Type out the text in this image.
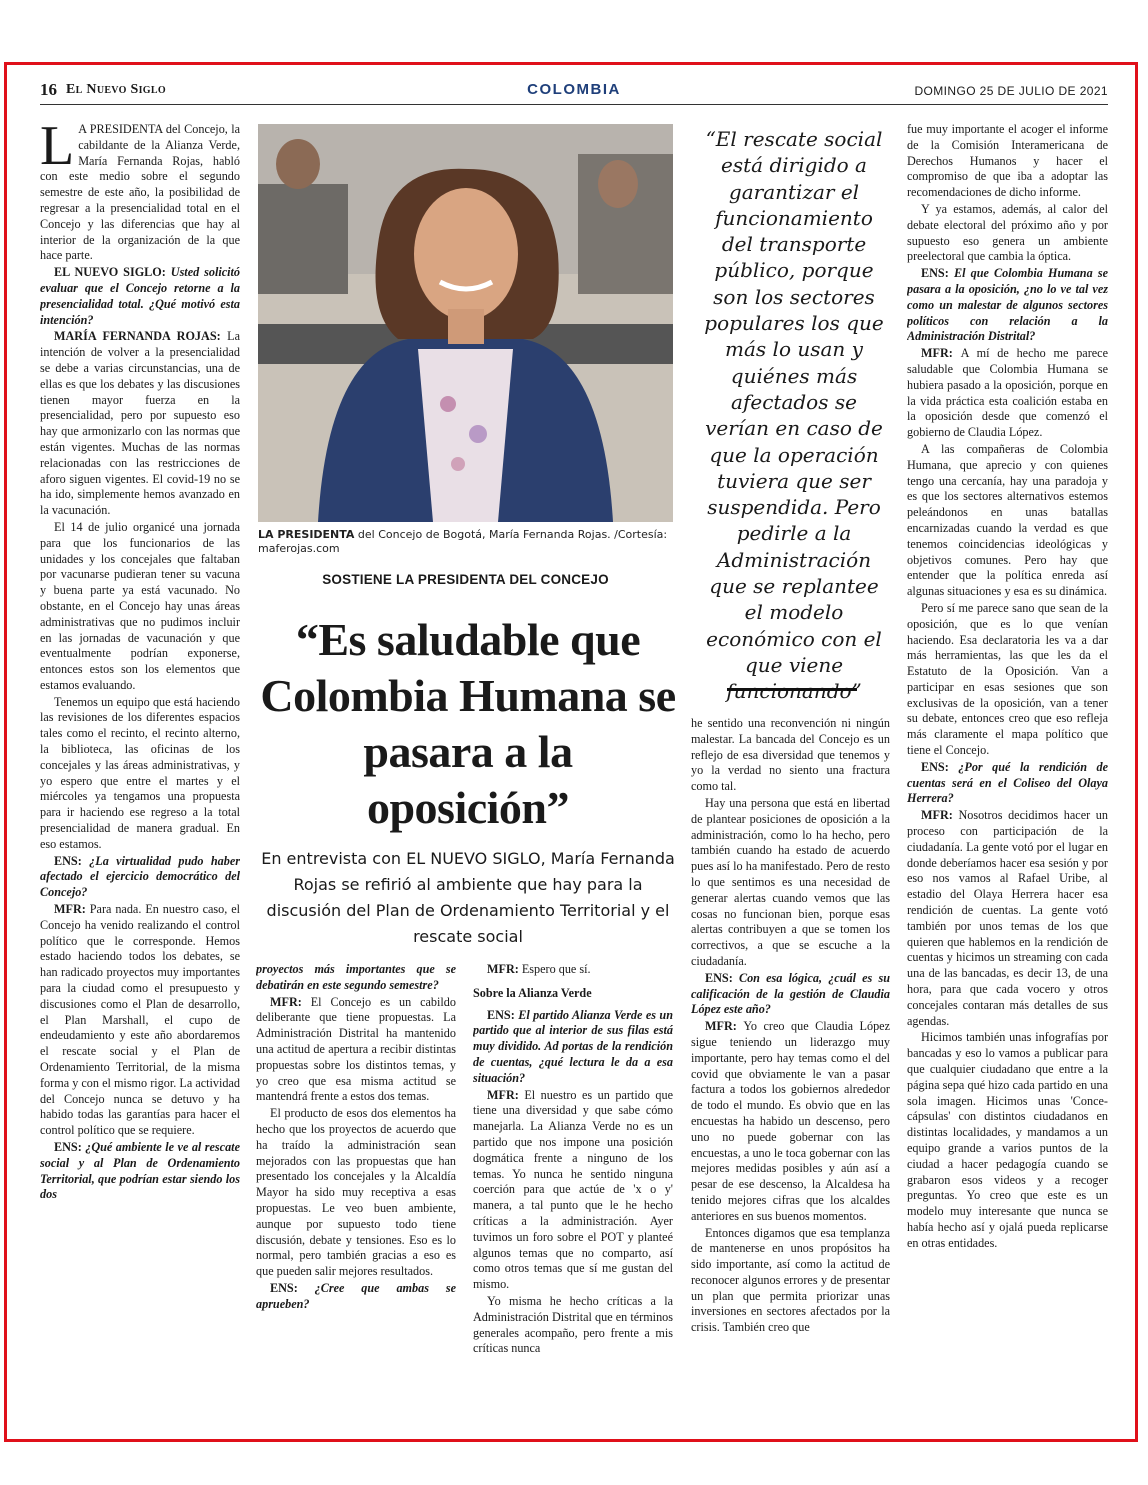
16 El Nuevo Siglo	COLOMBIA	DOMINGO 25 DE JULIO DE 2021

L A PRESIDENTA del Concejo, la cabildante de la Alianza Verde, María Fernanda Rojas, habló con este medio sobre el segundo semestre de este año, la posibilidad de regresar a la presencialidad total en el Concejo y las diferencias que hay al interior de la organización de la que hace parte.

EL NUEVO SIGLO: Usted solicitó evaluar que el Concejo retorne a la presencialidad total. ¿Qué motivó esta intención?

MARÍA FERNANDA ROJAS: La intención de volver a la presencialidad se debe a varias circunstancias, una de ellas es que los debates y las discusiones tienen mayor fuerza en la presencialidad, pero por supuesto eso hay que armonizarlo con las normas que están vigentes. Muchas de las normas relacionadas con las restricciones de aforo siguen vigentes. El covid-19 no se ha ido, simplemente hemos avanzado en la vacunación.

El 14 de julio organicé una jornada para que los funcionarios de las unidades y los concejales que faltaban por vacunarse pudieran tener su vacuna y buena parte ya está vacunado. No obstante, en el Concejo hay unas áreas administrativas que no pudimos incluir en las jornadas de vacunación y que eventualmente podrían exponerse, entonces estos son los elementos que estamos evaluando.

Tenemos un equipo que está haciendo las revisiones de los diferentes espacios tales como el recinto, el recinto alterno, la biblioteca, las oficinas de los concejales y las áreas administrativas, y yo espero que entre el martes y el miércoles ya tengamos una propuesta para ir haciendo ese regreso a la total presencialidad de manera gradual. En eso estamos.

ENS: ¿La virtualidad pudo haber afectado el ejercicio democrático del Concejo?

MFR: Para nada. En nuestro caso, el Concejo ha venido realizando el control político que le corresponde. Hemos estado haciendo todos los debates, se han radicado proyectos muy importantes para la ciudad como el presupuesto y discusiones como el Plan de desarrollo, el Plan Marshall, el cupo de endeudamiento y este año abordaremos el rescate social y el Plan de Ordenamiento Territorial, de la misma forma y con el mismo rigor. La actividad del Concejo nunca se detuvo y ha habido todas las garantías para hacer el control político que se requiere.

ENS: ¿Qué ambiente le ve al rescate social y al Plan de Ordenamiento Territorial, que podrían estar siendo los dos

LA PRESIDENTA del Concejo de Bogotá, María Fernanda Rojas. /Cortesía: maferojas.com
SOSTIENE LA PRESIDENTA DEL CONCEJO
“Es saludable que Colombia Humana se pasara a la oposición”
En entrevista con EL NUEVO SIGLO, María Fernanda Rojas se refirió al ambiente que hay para la discusión del Plan de Ordenamiento Territorial y el rescate social

proyectos más importantes que se debatirán en este segundo semestre?

MFR: El Concejo es un cabildo deliberante que tiene propuestas. La Administración Distrital ha mantenido una actitud de apertura a recibir distintas propuestas sobre los distintos temas, y yo creo que esa misma actitud se mantendrá frente a estos dos temas.

El producto de esos dos elementos ha hecho que los proyectos de acuerdo que ha traído la administración sean mejorados con las propuestas que han presentado los concejales y la Alcaldía Mayor ha sido muy receptiva a esas propuestas. Le veo buen ambiente, aunque por supuesto todo tiene discusión, debate y tensiones. Eso es lo normal, pero también gracias a eso es que pueden salir mejores resultados.

ENS: ¿Cree que ambas se aprueben?

MFR: Espero que sí.

Sobre la Alianza Verde

ENS: El partido Alianza Verde es un partido que al interior de sus filas está muy dividido. Ad portas de la rendición de cuentas, ¿qué lectura le da a esa situación?

MFR: El nuestro es un partido que tiene una diversidad y que sabe cómo manejarla. La Alianza Verde no es un partido que nos impone una posición dogmática frente a ninguno de los temas. Yo nunca he sentido ninguna coerción para que actúe de 'x o y' manera, a tal punto que le he hecho críticas a la administración. Ayer tuvimos un foro sobre el POT y planteé algunos temas que no comparto, así como otros temas que sí me gustan del mismo.

Yo misma he hecho críticas a la Administración Distrital que en términos generales acompaño, pero frente a mis críticas nunca

“El rescate social está dirigido a garantizar el funcionamiento del transporte público, porque son los sectores populares los que más lo usan y quiénes más afectados se verían en caso de que la operación tuviera que ser suspendida. Pero pedirle a la Administración que se replantee el modelo económico con el que viene funcionando”

he sentido una reconvención ni ningún malestar. La bancada del Concejo es un reflejo de esa diversidad que tenemos y yo la verdad no siento una fractura como tal.

Hay una persona que está en libertad de plantear posiciones de oposición a la administración, como lo ha hecho, pero también cuando ha estado de acuerdo pues así lo ha manifestado. Pero de resto lo que sentimos es una necesidad de generar alertas cuando vemos que las cosas no funcionan bien, porque esas alertas contribuyen a que se tomen los correctivos, a que se escuche a la ciudadanía.

ENS: Con esa lógica, ¿cuál es su calificación de la gestión de Claudia López este año?

MFR: Yo creo que Claudia López sigue teniendo un liderazgo muy importante, pero hay temas como el del covid que obviamente le van a pasar factura a todos los gobiernos alrededor de todo el mundo. Es obvio que en las encuestas ha habido un descenso, pero uno no puede gobernar con las encuestas, a uno le toca gobernar con las mejores medidas posibles y aún así a pesar de ese descenso, la Alcaldesa ha tenido mejores cifras que los alcaldes anteriores en sus buenos momentos.

Entonces digamos que esa templanza de mantenerse en unos propósitos ha sido importante, así como la actitud de reconocer algunos errores y de presentar un plan que permita priorizar unas inversiones en sectores afectados por la crisis. También creo que

fue muy importante el acoger el informe de la Comisión Interamericana de Derechos Humanos y hacer el compromiso de que iba a adoptar las recomendaciones de dicho informe.

Y ya estamos, además, al calor del debate electoral del próximo año y por supuesto eso genera un ambiente preelectoral que cambia la óptica.

ENS: El que Colombia Humana se pasara a la oposición, ¿no lo ve tal vez como un malestar de algunos sectores políticos con relación a la Administración Distrital?

MFR: A mí de hecho me parece saludable que Colombia Humana se hubiera pasado a la oposición, porque en la vida práctica esta coalición estaba en la oposición desde que comenzó el gobierno de Claudia López.

A las compañeras de Colombia Humana, que aprecio y con quienes tengo una cercanía, hay una paradoja y es que los sectores alternativos estemos peleándonos en unas batallas encarnizadas cuando la verdad es que tenemos coincidencias ideológicas y objetivos comunes. Pero hay que entender que la política enreda así algunas situaciones y esa es su dinámica.

Pero sí me parece sano que sean de la oposición, que es lo que venían haciendo. Esa declaratoria les va a dar más herramientas, las que les da el Estatuto de la Oposición. Van a participar en esas sesiones que son exclusivas de la oposición, van a tener su debate, entonces creo que eso refleja más claramente el mapa político que tiene el Concejo.

ENS: ¿Por qué la rendición de cuentas será en el Coliseo del Olaya Herrera?

MFR: Nosotros decidimos hacer un proceso con participación de la ciudadanía. La gente votó por el lugar en donde deberíamos hacer esa sesión y por eso nos vamos al Rafael Uribe, al estadio del Olaya Herrera hacer esa rendición de cuentas. La gente votó también por unos temas de los que quieren que hablemos en la rendición de cuentas y hicimos un streaming con cada una de las bancadas, es decir 13, de una hora, para que cada vocero y otros concejales contaran más detalles de sus agendas.

Hicimos también unas infografías por bancadas y eso lo vamos a publicar para que cualquier ciudadano que entre a la página sepa qué hizo cada partido en una sola imagen. Hicimos unas 'Conce-cápsulas' con distintos ciudadanos en distintas localidades, y mandamos a un equipo grande a varios puntos de la ciudad a hacer pedagogía cuando se grabaron esos videos y a recoger preguntas. Yo creo que este es un modelo muy interesante que nunca se había hecho así y ojalá pueda replicarse en otras entidades.
